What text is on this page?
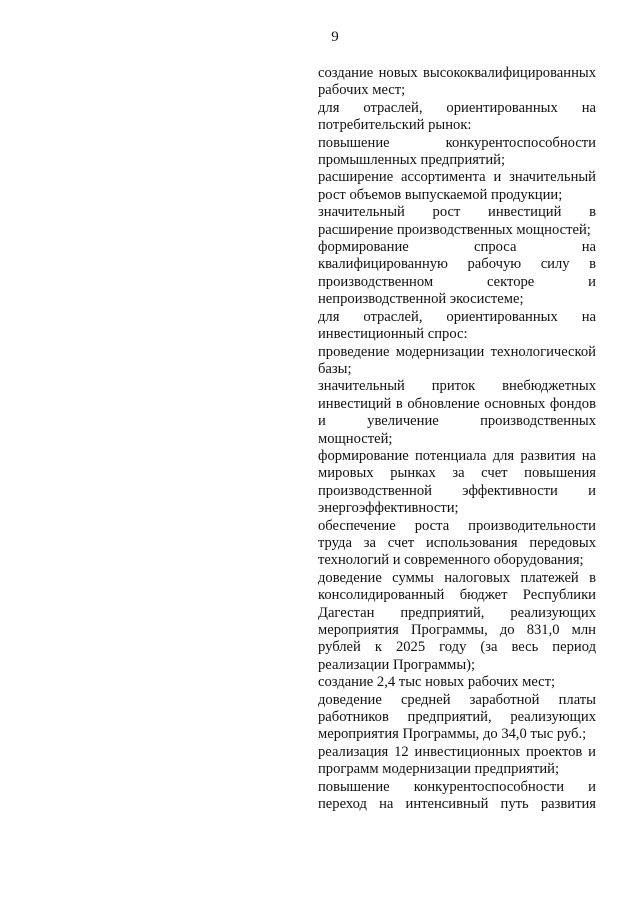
9

создание новых высококвалифицированных рабочих мест;

для отраслей, ориентированных на потребительский рынок:

повышение конкурентоспособности промышленных предприятий;

расширение ассортимента и значительный рост объемов выпускаемой продукции;

значительный рост инвестиций в расширение производственных мощностей;

формирование спроса на квалифицированную рабочую силу в производственном секторе и непроизводственной экосистеме;

для отраслей, ориентированных на инвестиционный спрос:

проведение модернизации технологической базы;

значительный приток внебюджетных инвестиций в обновление основных фондов и увеличение производственных мощностей;

формирование потенциала для развития на мировых рынках за счет повышения производственной эффективности и энергоэффективности;

обеспечение роста производительности труда за счет использования передовых технологий и современного оборудования;

доведение суммы налоговых платежей в консолидированный бюджет Республики Дагестан предприятий, реализующих мероприятия Программы, до 831,0 млн рублей к 2025 году (за весь период реализации Программы);

создание 2,4 тыс новых рабочих мест;

доведение средней заработной платы работников предприятий, реализующих мероприятия Программы, до 34,0 тыс руб.;

реализация 12 инвестиционных проектов и программ модернизации предприятий;

повышение конкурентоспособности и переход на интенсивный путь развития
